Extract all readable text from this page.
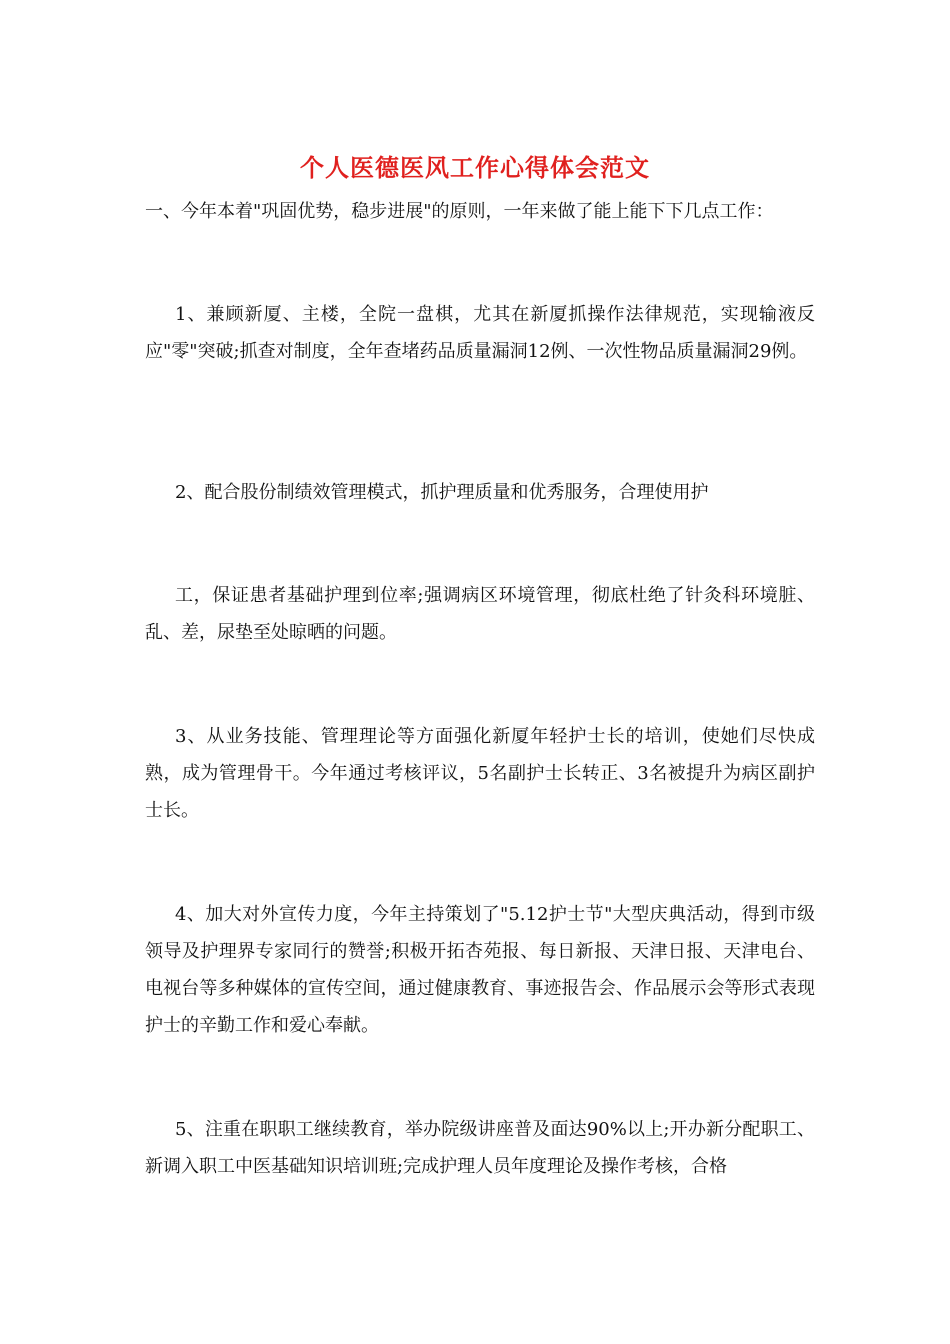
个人医德医风工作心得体会范文
一、今年本着"巩固优势，稳步进展"的原则，一年来做了能上能下下几点工作：

1、兼顾新厦、主楼，全院一盘棋，尤其在新厦抓操作法律规范，实现输液反应"零"突破;抓查对制度，全年查堵药品质量漏洞12例、一次性物品质量漏洞29例。

2、配合股份制绩效管理模式，抓护理质量和优秀服务，合理使用护

工，保证患者基础护理到位率;强调病区环境管理，彻底杜绝了针灸科环境脏、乱、差，尿垫至处晾晒的问题。

3、从业务技能、管理理论等方面强化新厦年轻护士长的培训，使她们尽快成熟，成为管理骨干。今年通过考核评议，5名副护士长转正、3名被提升为病区副护士长。

4、加大对外宣传力度，今年主持策划了"5.12护士节"大型庆典活动，得到市级领导及护理界专家同行的赞誉;积极开拓杏苑报、每日新报、天津日报、天津电台、电视台等多种媒体的宣传空间，通过健康教育、事迹报告会、作品展示会等形式表现护士的辛勤工作和爱心奉献。

5、注重在职职工继续教育，举办院级讲座普及面达90%以上;开办新分配职工、新调入职工中医基础知识培训班;完成护理人员年度理论及操作考核，合格
